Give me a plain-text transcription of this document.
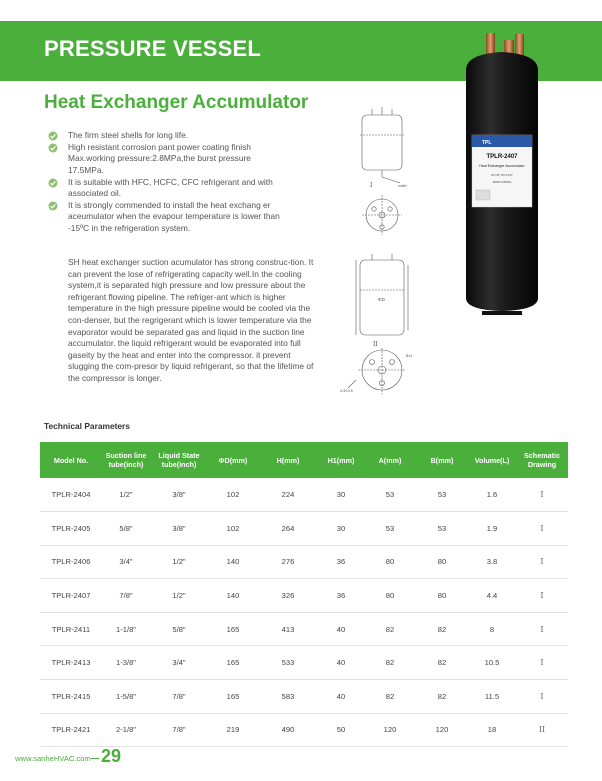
PRESSURE VESSEL
Heat Exchanger Accumulator
The firm steel shells for long life.
High resistant corrosion pant power coating finish Max.working pressure:2.8MPa,the burst pressure 17.5MPa.
It is suitable with HFC, HCFC, CFC refrigerant and with associated oil.
It is strongly commended to install the heat exchang er aceumulator when the evapour temperature is lower than -15ºC in the refrigeration system.

SH heat exchanger suction acumulator has strong construc-tion. It can prevent the lose of refrigerating capacity well.In the cooling system,it is separated high pressure and low pressure about the refrigerant flowing pipeline. The refriger-ant which is higher temperature in the high pressure pipeline would be cooled via the con-denser, but the regrigerant which is lower temperature via the evaporator would be separated gas and liquid in the suction line accumulator. the liquid refrigerant would be evaporated into full gaseity by the heat and enter into the compressor. it prevent slugging the com-presor by liquid refrigerant, so that the lifetime of the compressor is longer.

I	outlet
ΦD
II
4-Φ10.5
B±4
TPL
TPLR-2407
Heat Exchanger Accumulator
IN:7/8" OUT:1/2"
MWP:2.8MPa
Technical Parameters
Model No.	Suction line tube(inch)	Liquid State tube(inch)	ΦD(mm)	H(mm)	H1(mm)	A(mm)	B(mm)	Volume(L)	Schematic Drawing
TPLR-2404	1/2"	3/8"	102	224	30	53	53	1.6	I
TPLR-2405	5/8"	3/8"	102	264	30	53	53	1.9	I
TPLR-2406	3/4"	1/2"	140	276	36	80	80	3.8	I
TPLR-2407	7/8"	1/2"	140	326	36	80	80	4.4	I
TPLR-2411	1-1/8"	5/8"	165	413	40	82	82	8	I
TPLR-2413	1-3/8"	3/4"	165	533	40	82	82	10.5	I
TPLR-2415	1-5/8"	7/8"	165	583	40	82	82	11.5	I
TPLR-2421	2-1/8"	7/8"	219	490	50	120	120	18	II
www.sanheHVAC.com 29
